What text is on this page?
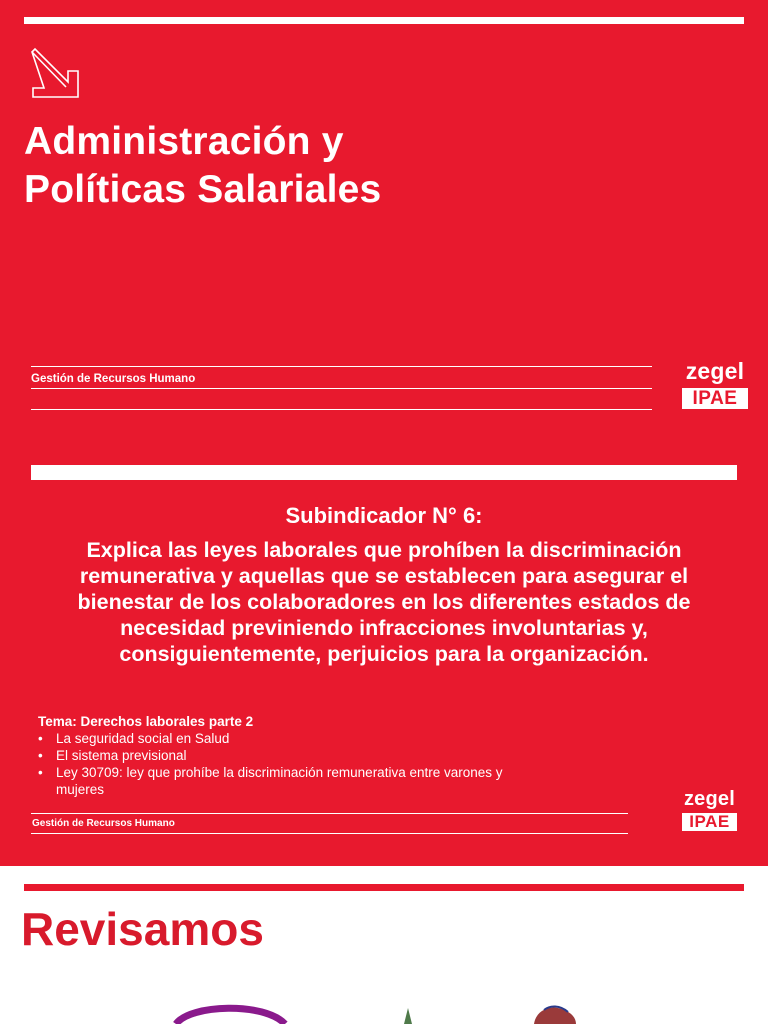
Administración y
Políticas Salariales
Gestión de Recursos Humano	zegel
IPAE
Subindicador N° 6:

Explica las leyes laborales que prohíben la discriminación remunerativa y aquellas que se establecen para asegurar el bienestar de los colaboradores en los diferentes estados de necesidad previniendo infracciones involuntarias y, consiguientemente, perjuicios para la organización.

Tema: Derechos laborales parte 2

• La seguridad social en Salud
• El sistema previsional
• Ley 30709: ley que prohíbe la discriminación remunerativa entre varones y mujeres
Gestión de Recursos Humano
zegel
IPAE
Revisamos
